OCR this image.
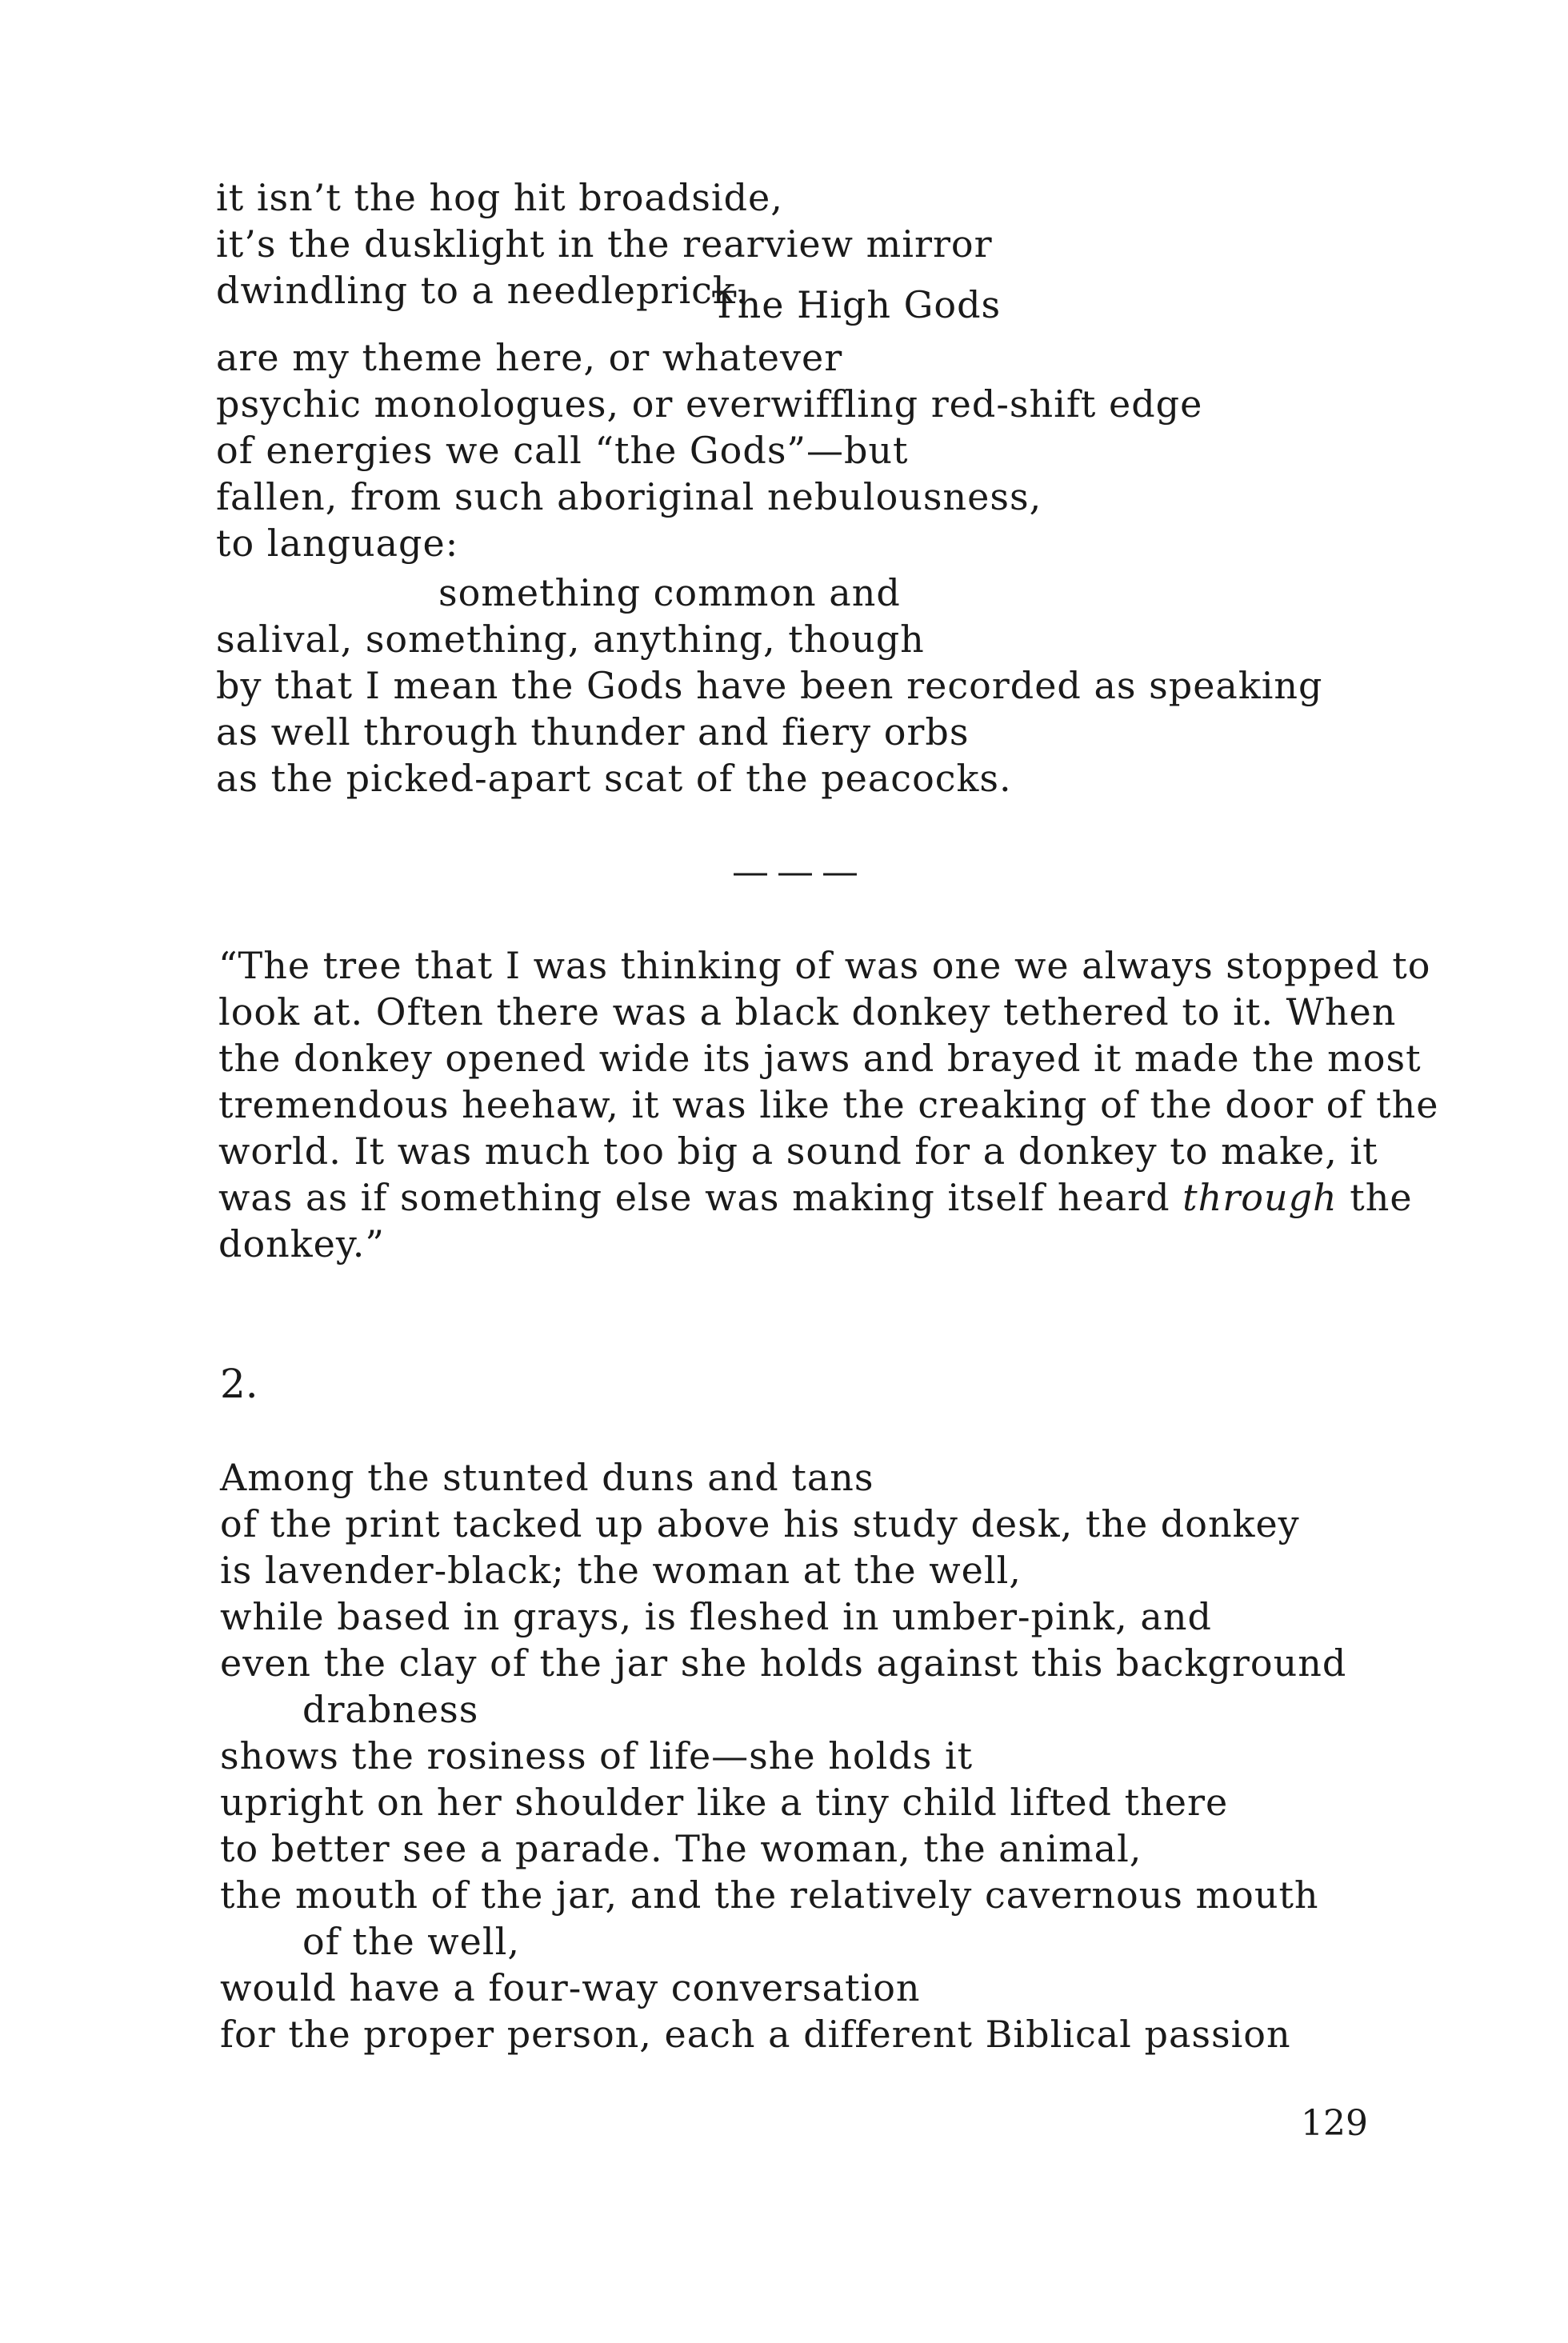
it isn’t the hog hit broadside,
it’s the dusklight in the rearview mirror
dwindling to a needleprick.
The High Gods
are my theme here, or whatever
psychic monologues, or everwiffling red-shift edge
of energies we call “the Gods”—but
fallen, from such aboriginal nebulousness,
to language:
something common and
salival, something, anything, though
by that I mean the Gods have been recorded as speaking
as well through thunder and fiery orbs
as the picked-apart scat of the peacocks.
———
“The tree that I was thinking of was one we always stopped to
look at. Often there was a black donkey tethered to it. When
the donkey opened wide its jaws and brayed it made the most
tremendous heehaw, it was like the creaking of the door of the
world. It was much too big a sound for a donkey to make, it
was as if something else was making itself heard through the
donkey.”
2.
Among the stunted duns and tans
of the print tacked up above his study desk, the donkey
is lavender-black; the woman at the well,
while based in grays, is fleshed in umber-pink, and
even the clay of the jar she holds against this background
drabness
shows the rosiness of life—she holds it
upright on her shoulder like a tiny child lifted there
to better see a parade. The woman, the animal,
the mouth of the jar, and the relatively cavernous mouth
of the well,
would have a four-way conversation
for the proper person, each a different Biblical passion
129
